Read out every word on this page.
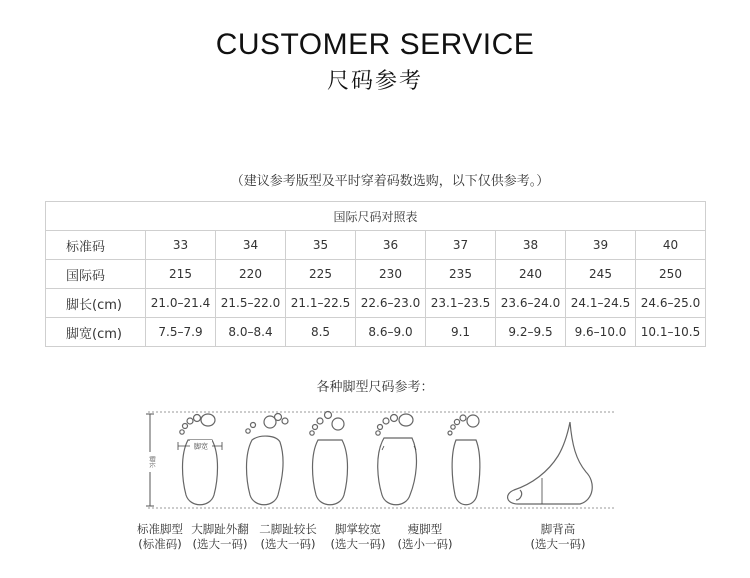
CUSTOMER SERVICE
尺码参考
（建议参考版型及平时穿着码数选购，以下仅供参考。）
国际尺码对照表								
标准码	33	34	35	36	37	38	39	40
国际码	215	220	225	230	235	240	245	250
脚长(cm)	21.0–21.4	21.5–22.0	21.1–22.5	22.6–23.0	23.1–23.5	23.6–24.0	24.1–24.5	24.6–25.0
脚宽(cm)	7.5–7.9	8.0–8.4	8.5	8.6–9.0	9.1	9.2–9.5	9.6–10.0	10.1–10.5
各种脚型尺码参考：
脚长
脚宽
标准脚型
(标准码)
大脚趾外翻
(选大一码)
二脚趾较长
(选大一码)
脚掌较宽
(选大一码)
瘦脚型
(选小一码)
脚背高
(选大一码)
